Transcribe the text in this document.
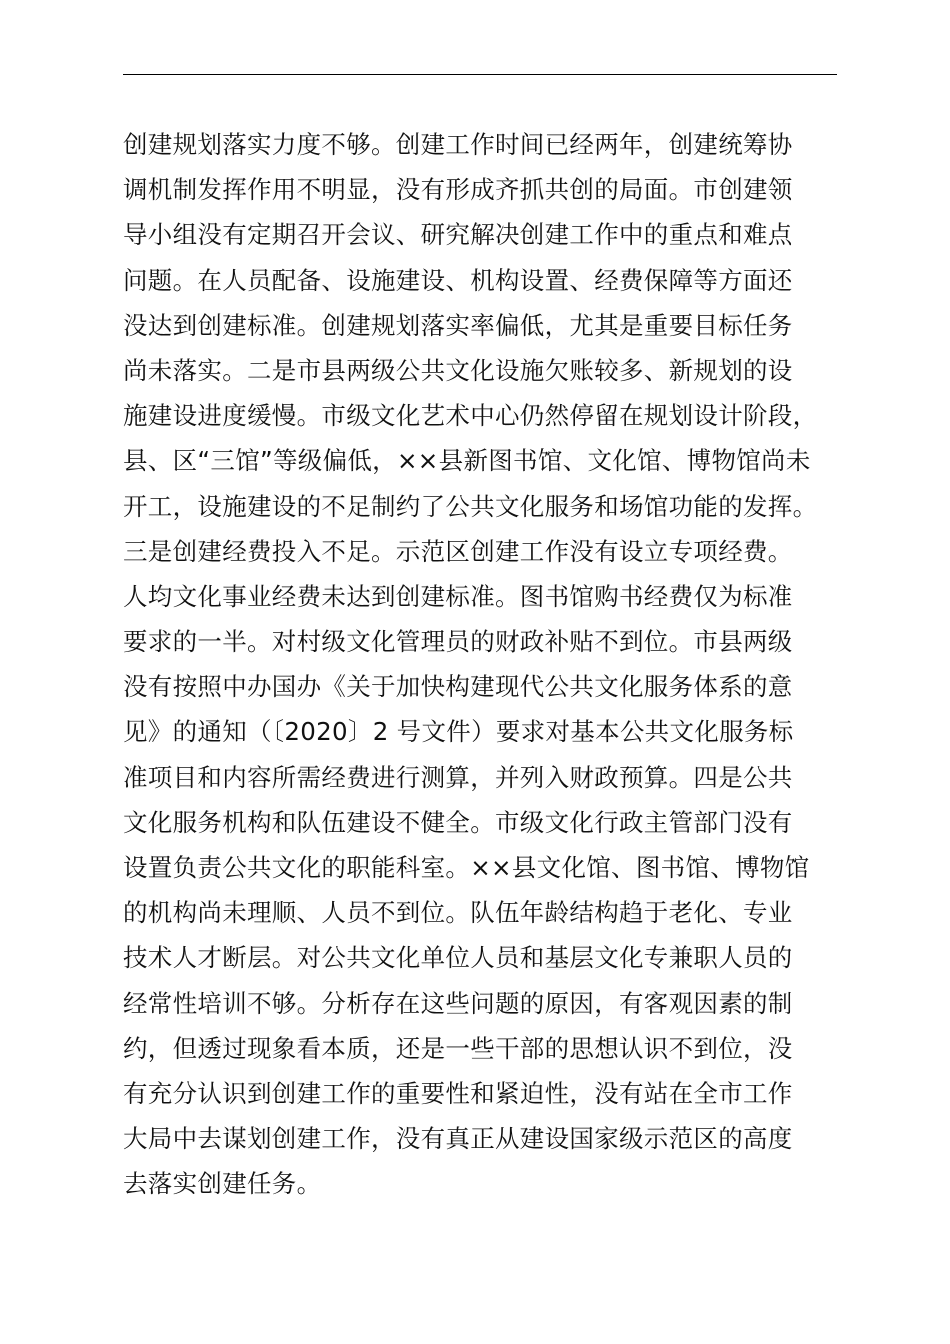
创建规划落实力度不够。创建工作时间已经两年，创建统筹协
调机制发挥作用不明显，没有形成齐抓共创的局面。市创建领
导小组没有定期召开会议、研究解决创建工作中的重点和难点
问题。在人员配备、设施建设、机构设置、经费保障等方面还
没达到创建标准。创建规划落实率偏低，尤其是重要目标任务
尚未落实。二是市县两级公共文化设施欠账较多、新规划的设
施建设进度缓慢。市级文化艺术中心仍然停留在规划设计阶段，
县、区“三馆”等级偏低，××县新图书馆、文化馆、博物馆尚未
开工，设施建设的不足制约了公共文化服务和场馆功能的发挥。
三是创建经费投入不足。示范区创建工作没有设立专项经费。
人均文化事业经费未达到创建标准。图书馆购书经费仅为标准
要求的一半。对村级文化管理员的财政补贴不到位。市县两级
没有按照中办国办《关于加快构建现代公共文化服务体系的意
见》的通知（〔2020〕2 号文件）要求对基本公共文化服务标
准项目和内容所需经费进行测算，并列入财政预算。四是公共
文化服务机构和队伍建设不健全。市级文化行政主管部门没有
设置负责公共文化的职能科室。××县文化馆、图书馆、博物馆
的机构尚未理顺、人员不到位。队伍年龄结构趋于老化、专业
技术人才断层。对公共文化单位人员和基层文化专兼职人员的
经常性培训不够。分析存在这些问题的原因，有客观因素的制
约，但透过现象看本质，还是一些干部的思想认识不到位，没
有充分认识到创建工作的重要性和紧迫性，没有站在全市工作
大局中去谋划创建工作，没有真正从建设国家级示范区的高度
去落实创建任务。
